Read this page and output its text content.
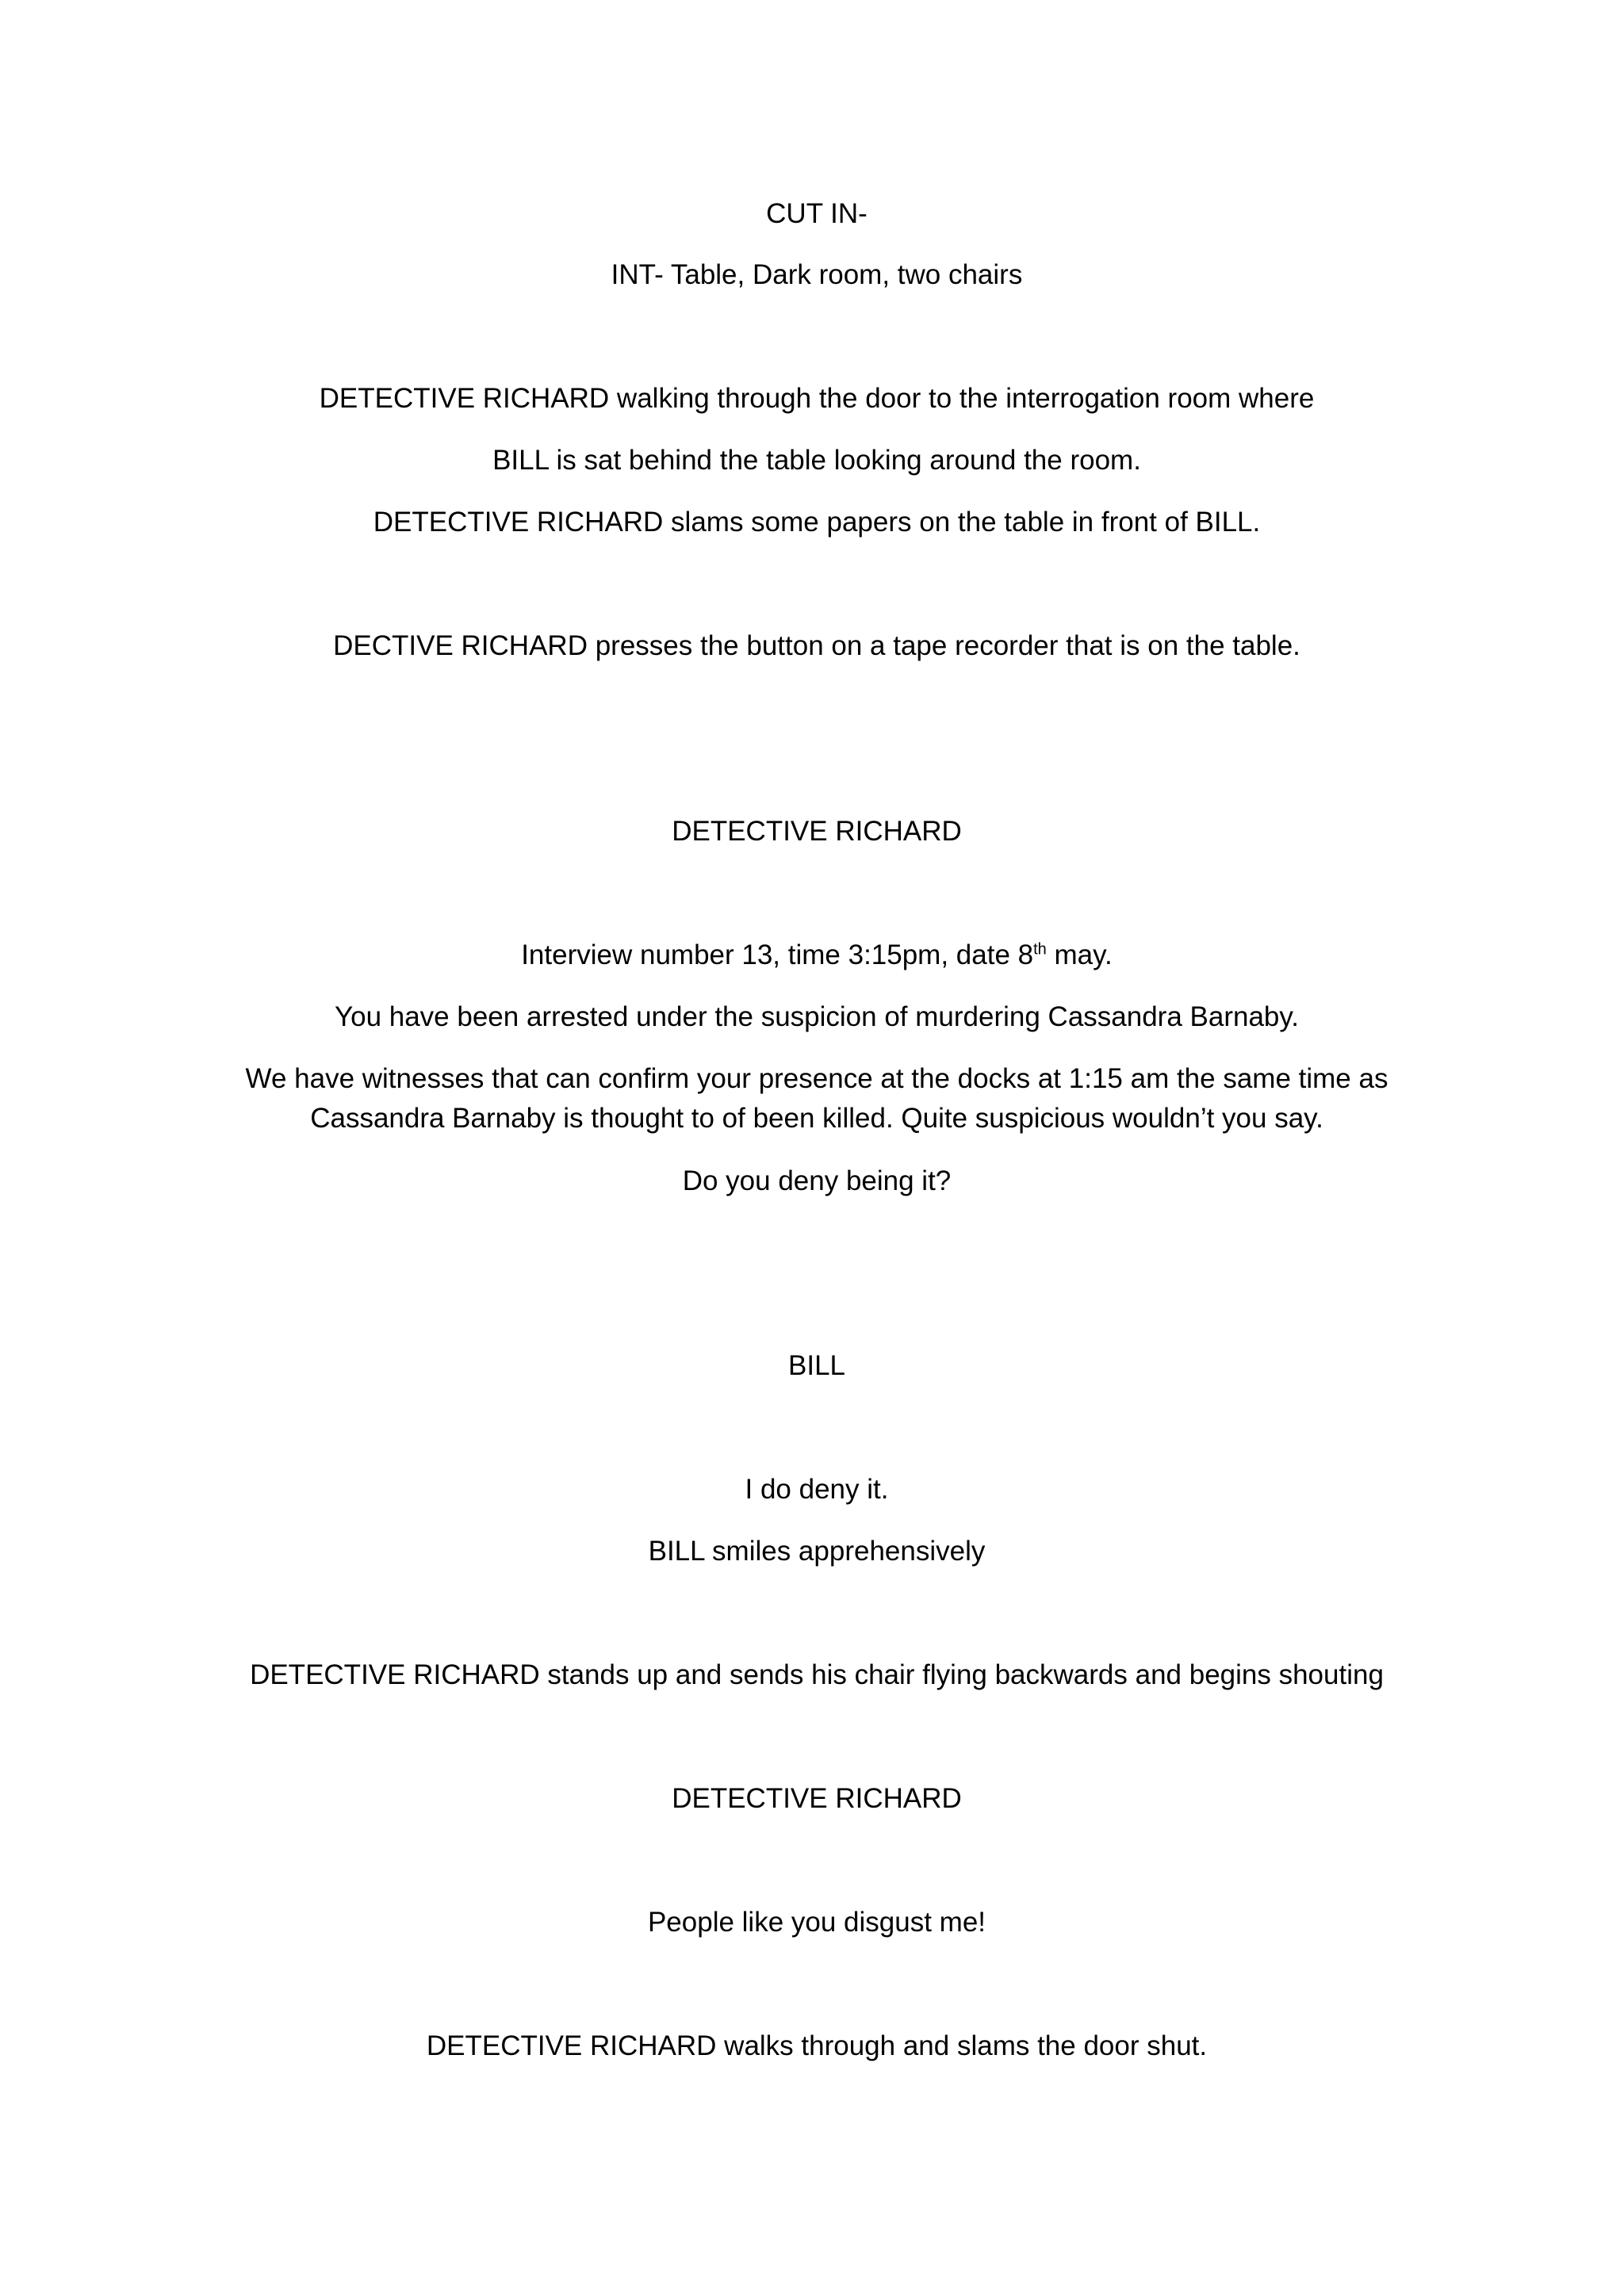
CUT IN-
INT- Table, Dark room, two chairs
DETECTIVE RICHARD walking through the door to the interrogation room where
BILL is sat behind the table looking around the room.
DETECTIVE RICHARD slams some papers on the table in front of BILL.
DECTIVE RICHARD presses the button on a tape recorder that is on the table.
DETECTIVE RICHARD
Interview number 13, time 3:15pm, date 8th may.
You have been arrested under the suspicion of murdering Cassandra Barnaby.
We have witnesses that can confirm your presence at the docks at 1:15 am the same time as
Cassandra Barnaby is thought to of been killed. Quite suspicious wouldn’t you say.
Do you deny being it?
BILL
I do deny it.
BILL smiles apprehensively
DETECTIVE RICHARD stands up and sends his chair flying backwards and begins shouting
DETECTIVE RICHARD
People like you disgust me!
DETECTIVE RICHARD walks through and slams the door shut.
